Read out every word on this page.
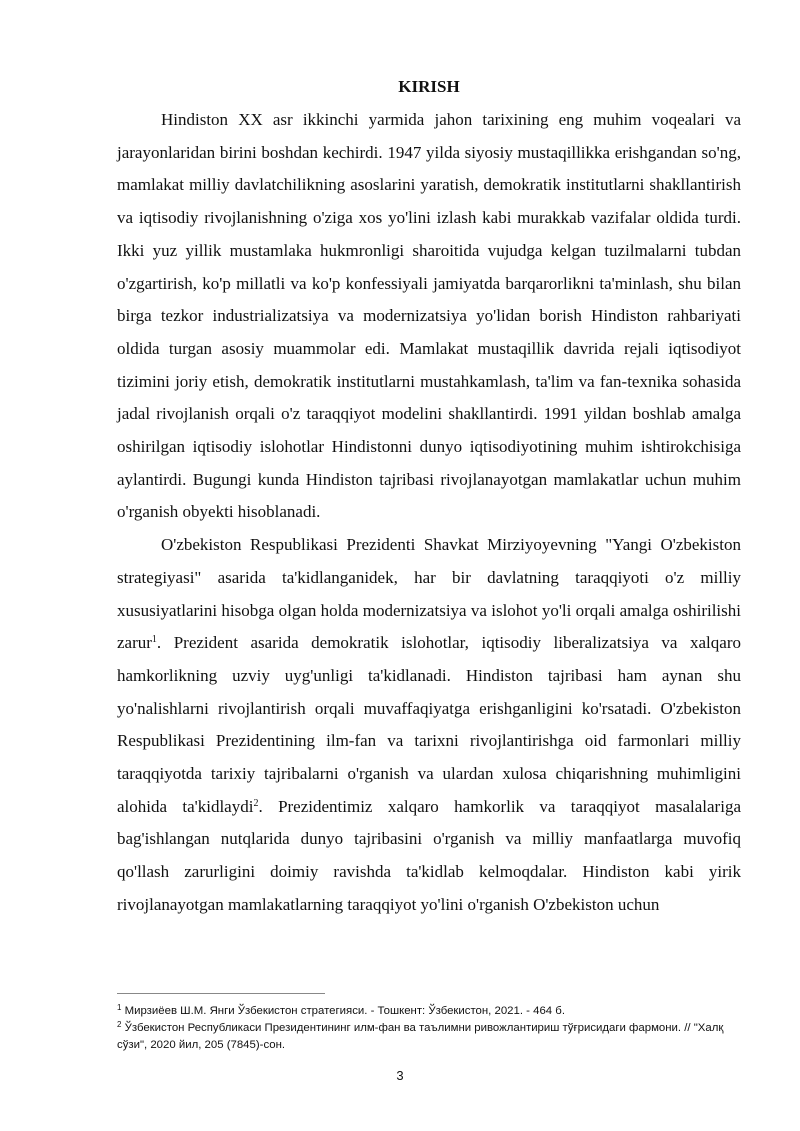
KIRISH

Hindiston XX asr ikkinchi yarmida jahon tarixining eng muhim voqealari va jarayonlaridan birini boshdan kechirdi. 1947 yilda siyosiy mustaqillikka erishgandan so'ng, mamlakat milliy davlatchilikning asoslarini yaratish, demokratik institutlarni shakllantirish va iqtisodiy rivojlanishning o'ziga xos yo'lini izlash kabi murakkab vazifalar oldida turdi. Ikki yuz yillik mustamlaka hukmronligi sharoitida vujudga kelgan tuzilmalarni tubdan o'zgartirish, ko'p millatli va ko'p konfessiyali jamiyatda barqarorlikni ta'minlash, shu bilan birga tezkor industrializatsiya va modernizatsiya yo'lidan borish Hindiston rahbariyati oldida turgan asosiy muammolar edi. Mamlakat mustaqillik davrida rejali iqtisodiyot tizimini joriy etish, demokratik institutlarni mustahkamlash, ta'lim va fan-texnika sohasida jadal rivojlanish orqali o'z taraqqiyot modelini shakllantirdi. 1991 yildan boshlab amalga oshirilgan iqtisodiy islohotlar Hindistonni dunyo iqtisodiyotining muhim ishtirokchisiga aylantirdi. Bugungi kunda Hindiston tajribasi rivojlanayotgan mamlakatlar uchun muhim o'rganish obyekti hisoblanadi.

O'zbekiston Respublikasi Prezidenti Shavkat Mirziyoyevning "Yangi O'zbekiston strategiyasi" asarida ta'kidlanganidek, har bir davlatning taraqqiyoti o'z milliy xususiyatlarini hisobga olgan holda modernizatsiya va islohot yo'li orqali amalga oshirilishi zarur$^1$. Prezident asarida demokratik islohotlar, iqtisodiy liberalizatsiya va xalqaro hamkorlikning uzviy uyg'unligi ta'kidlanadi. Hindiston tajribasi ham aynan shu yo'nalishlarni rivojlantirish orqali muvaffaqiyatga erishganligini ko'rsatadi. O'zbekiston Respublikasi Prezidentining ilm-fan va tarixni rivojlantirishga oid farmonlari milliy taraqqiyotda tarixiy tajribalarni o'rganish va ulardan xulosa chiqarishning muhimligini alohida ta'kidlaydi$^2$. Prezidentimiz xalqaro hamkorlik va taraqqiyot masalalariga bag'ishlangan nutqlarida dunyo tajribasini o'rganish va milliy manfaatlarga muvofiq qo'llash zarurligini doimiy ravishda ta'kidlab kelmoqdalar. Hindiston kabi yirik rivojlanayotgan mamlakatlarning taraqqiyot yo'lini o'rganish O'zbekiston uchun

$^1$ Мирзиёев Ш.М. Янги Ўзбекистон стратегияси. - Тошкент: Ўзбекистон, 2021. - 464 б.

$^2$ Ўзбекистон Республикаси Президентининг илм-фан ва таълимни ривожлантириш тўғрисидаги фармони. // "Халқ сўзи", 2020 йил, 205 (7845)-сон.

3
